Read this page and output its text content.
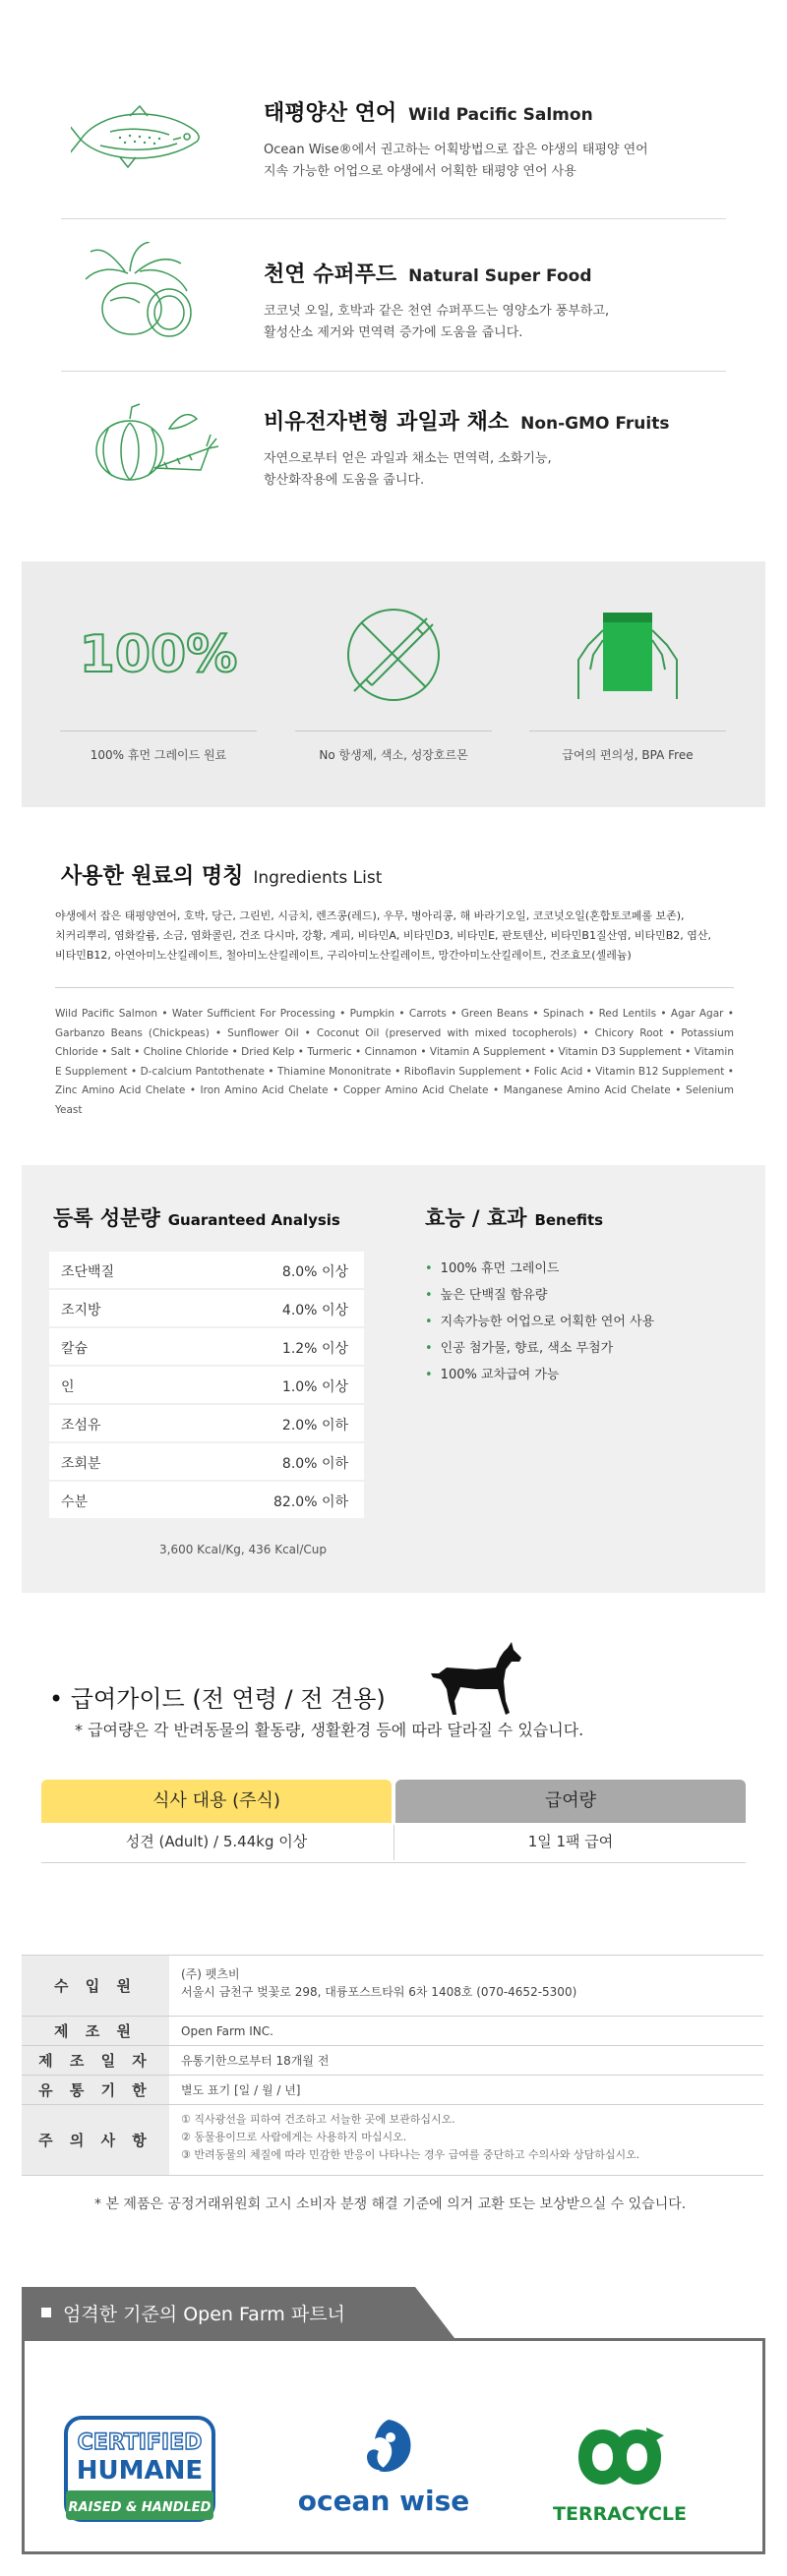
태평양산 연어 Wild Pacific Salmon
Ocean Wise®에서 권고하는 어획방법으로 잡은 야생의 태평양 연어
지속 가능한 어업으로 야생에서 어획한 태평양 연어 사용
천연 슈퍼푸드 Natural Super Food
코코넛 오일, 호박과 같은 천연 슈퍼푸드는 영양소가 풍부하고,
활성산소 제거와 면역력 증가에 도움을 줍니다.
비유전자변형 과일과 채소 Non-GMO Fruits
자연으로부터 얻은 과일과 채소는 면역력, 소화기능,
항산화작용에 도움을 줍니다.
100%
100% 휴먼 그레이드 원료	No 항생제, 색소, 성장호르몬	급여의 편의성, BPA Free
사용한 원료의 명칭 Ingredients List
야생에서 잡은 태평양연어, 호박, 당근, 그린빈, 시금치, 렌즈콩(레드), 우무, 병아리콩, 해 바라기오일, 코코넛오일(혼합토코페롤 보존),
치커리뿌리, 염화칼륨, 소금, 염화콜린, 건조 다시마, 강황, 계피, 비타민A, 비타민D3, 비타민E, 판토텐산, 비타민B1질산염, 비타민B2, 엽산,
비타민B12, 아연아미노산킬레이트, 철아미노산킬레이트, 구리아미노산킬레이트, 망간아미노산킬레이트, 건조효모(셀레늄)
Wild Pacific Salmon • Water Sufficient For Processing • Pumpkin • Carrots • Green Beans • Spinach • Red Lentils • Agar Agar • Garbanzo Beans (Chickpeas) • Sunflower Oil • Coconut Oil (preserved with mixed tocopherols) • Chicory Root • Potassium Chloride • Salt • Choline Chloride • Dried Kelp • Turmeric • Cinnamon • Vitamin A Supplement • Vitamin D3 Supplement • Vitamin E Supplement • D-calcium Pantothenate • Thiamine Mononitrate • Riboflavin Supplement • Folic Acid • Vitamin B12 Supplement • Zinc Amino Acid Chelate • Iron Amino Acid Chelate • Copper Amino Acid Chelate • Manganese Amino Acid Chelate • Selenium Yeast
등록 성분량 Guaranteed Analysis
조단백질	8.0% 이상
조지방	4.0% 이상
칼슘	1.2% 이상
인	1.0% 이상
조섬유	2.0% 이하
조회분	8.0% 이하
수분	82.0% 이하
3,600 Kcal/Kg, 436 Kcal/Cup
효능 / 효과 Benefits
• 100% 휴먼 그레이드
• 높은 단백질 함유량
• 지속가능한 어업으로 어획한 연어 사용
• 인공 첨가물, 향료, 색소 무첨가
• 100% 교차급여 가능
• 급여가이드 (전 연령 / 전 견용)
* 급여량은 각 반려동물의 활동량, 생활환경 등에 따라 달라질 수 있습니다.
식사 대용 (주식)	급여량
성견 (Adult) / 5.44kg 이상	1일 1팩 급여
수 입 원
(주) 펫츠비
서울시 금천구 벚꽃로 298, 대륭포스트타워 6차 1408호 (070-4652-5300)
제 조 원	Open Farm INC.
제 조 일 자	유통기한으로부터 18개월 전
유 통 기 한	별도 표기 [일 / 월 / 년]
주 의 사 항
① 직사광선을 피하여 건조하고 서늘한 곳에 보관하십시오.
② 동물용이므로 사람에게는 사용하지 마십시오.
③ 반려동물의 체질에 따라 민감한 반응이 나타나는 경우 급여를 중단하고 수의사와 상담하십시오.
* 본 제품은 공정거래위원회 고시 소비자 분쟁 해결 기준에 의거 교환 또는 보상받으실 수 있습니다.
엄격한 기준의 Open Farm 파트너
CERTIFIED
HUMANE
RAISED & HANDLED	ocean wise	TERRACYCLE
